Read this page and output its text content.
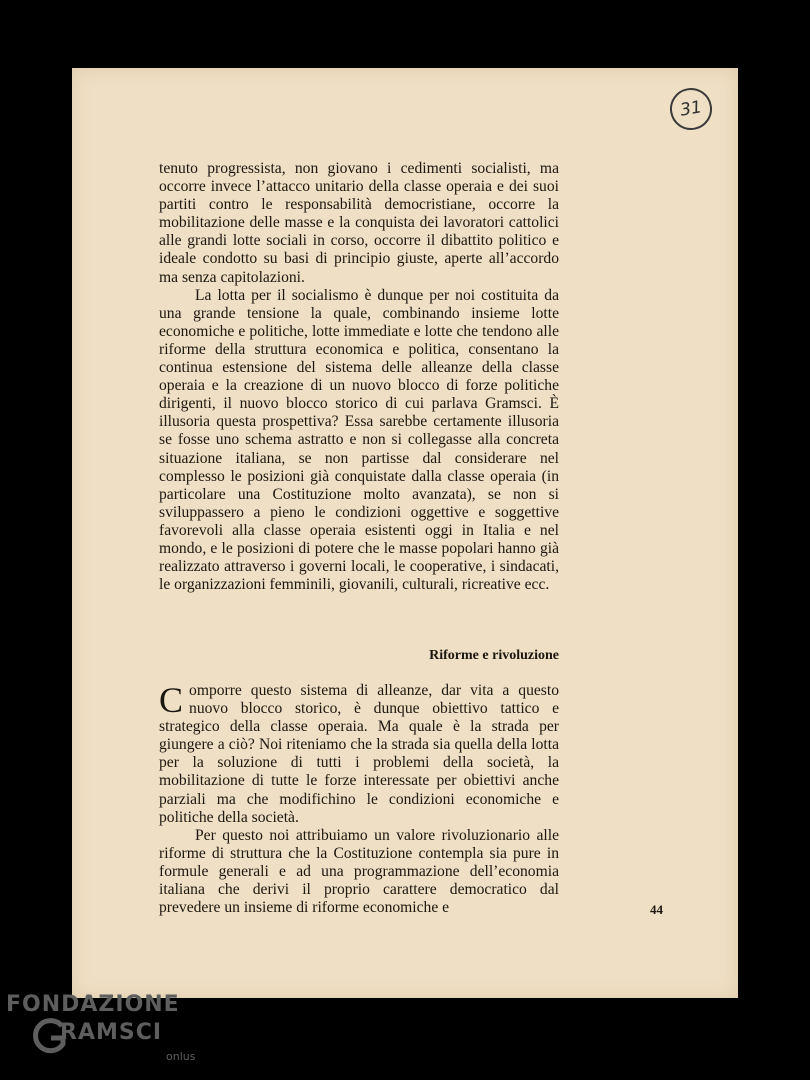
31

tenuto progressista, non giovano i cedimenti socialisti, ma occorre invece l’attacco unitario della classe operaia e dei suoi partiti contro le responsabilità democristiane, occorre la mobilitazione delle masse e la conquista dei lavoratori cattolici alle grandi lotte sociali in corso, occorre il dibattito politico e ideale condotto su basi di principio giuste, aperte all’accordo ma senza capitolazioni.

La lotta per il socialismo è dunque per noi costituita da una grande tensione la quale, combinando insieme lotte economiche e politiche, lotte immediate e lotte che tendono alle riforme della struttura economica e politica, consentano la continua estensione del sistema delle alleanze della classe operaia e la creazione di un nuovo blocco di forze politiche dirigenti, il nuovo blocco storico di cui parlava Gramsci. È illusoria questa prospettiva? Essa sarebbe certamente illusoria se fosse uno schema astratto e non si collegasse alla concreta situazione italiana, se non partisse dal considerare nel complesso le posizioni già conquistate dalla classe operaia (in particolare una Costituzione molto avanzata), se non si sviluppassero a pieno le condizioni oggettive e soggettive favorevoli alla classe operaia esistenti oggi in Italia e nel mondo, e le posizioni di potere che le masse popolari hanno già realizzato attraverso i governi locali, le cooperative, i sindacati, le organizzazioni femminili, giovanili, culturali, ricreative ecc.

Riforme e rivoluzione

Comporre questo sistema di alleanze, dar vita a questo nuovo blocco storico, è dunque obiettivo tattico e strategico della classe operaia. Ma quale è la strada per giungere a ciò? Noi riteniamo che la strada sia quella della lotta per la soluzione di tutti i problemi della società, la mobilitazione di tutte le forze interessate per obiettivi anche parziali ma che modifichino le condizioni economiche e politiche della società.

Per questo noi attribuiamo un valore rivoluzionario alle riforme di struttura che la Costituzione contempla sia pure in formule generali e ad una programmazione dell’economia italiana che derivi il proprio carattere democratico dal prevedere un insieme di riforme economiche e	44
FONDAZIONE
RAMSCI
onlus
